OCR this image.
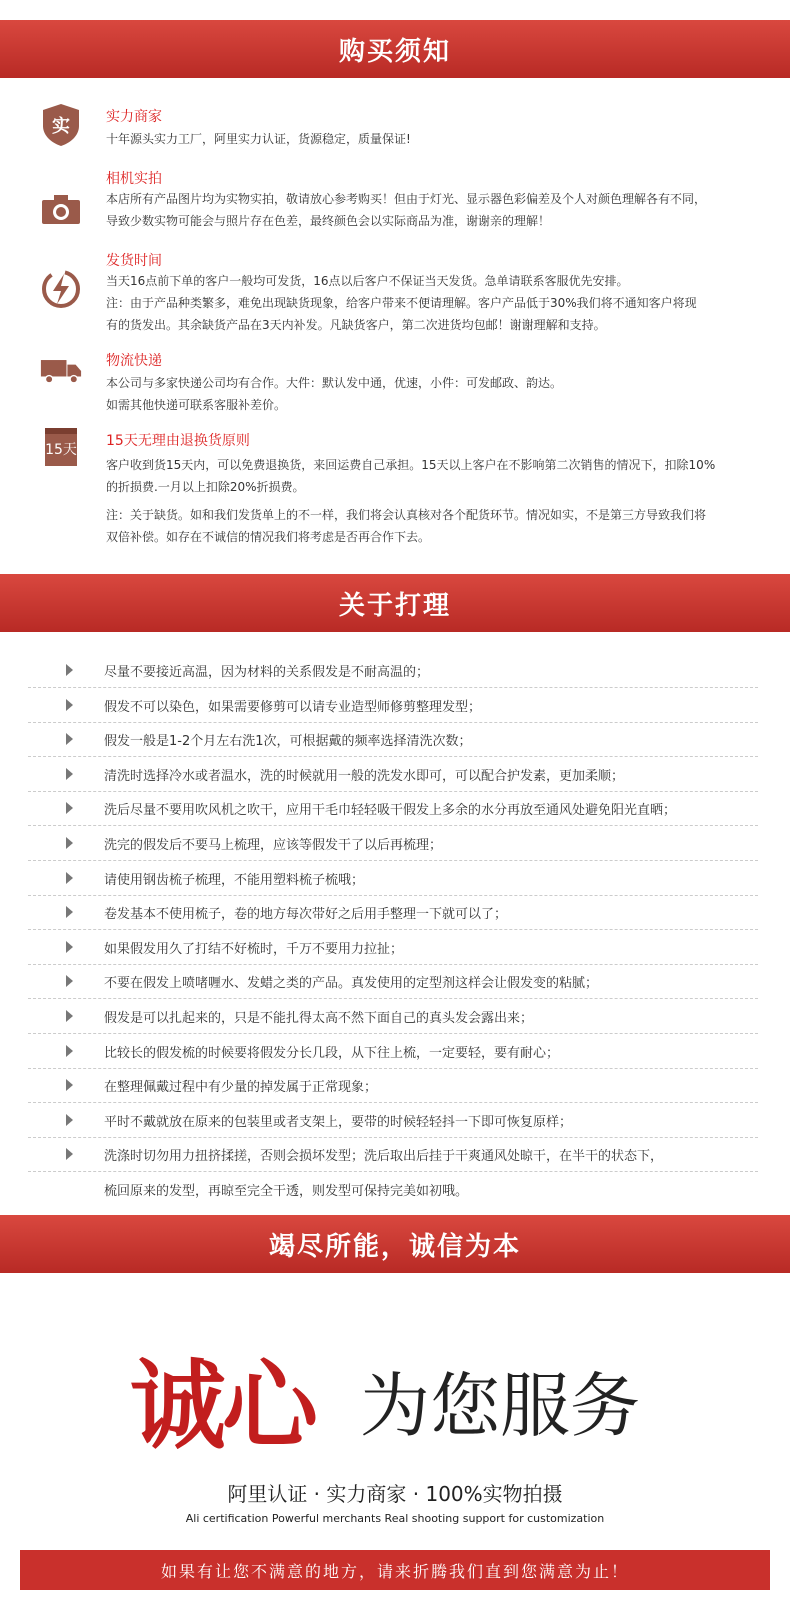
购买须知
实	实力商家
十年源头实力工厂，阿里实力认证，货源稳定，质量保证!
相机实拍
本店所有产品图片均为实物实拍，敬请放心参考购买！但由于灯光、显示器色彩偏差及个人对颜色理解各有不同，
导致少数实物可能会与照片存在色差，最终颜色会以实际商品为准，谢谢亲的理解！
发货时间
当天16点前下单的客户一般均可发货，16点以后客户不保证当天发货。急单请联系客服优先安排。
注：由于产品种类繁多，难免出现缺货现象，给客户带来不便请理解。客户产品低于30%我们将不通知客户将现
有的货发出。其余缺货产品在3天内补发。凡缺货客户，第二次进货均包邮！谢谢理解和支持。
物流快递
本公司与多家快递公司均有合作。大件：默认发中通，优速，小件：可发邮政、韵达。
如需其他快递可联系客服补差价。
15天
15天无理由退换货原则
客户收到货15天内，可以免费退换货，来回运费自己承担。15天以上客户在不影响第二次销售的情况下，扣除10%
的折损费.一月以上扣除20%折损费。
注：关于缺货。如和我们发货单上的不一样，我们将会认真核对各个配货环节。情况如实，不是第三方导致我们将
双倍补偿。如存在不诚信的情况我们将考虑是否再合作下去。
关于打理
尽量不要接近高温，因为材料的关系假发是不耐高温的；
假发不可以染色，如果需要修剪可以请专业造型师修剪整理发型；
假发一般是1-2个月左右洗1次，可根据戴的频率选择清洗次数；
清洗时选择冷水或者温水，洗的时候就用一般的洗发水即可，可以配合护发素，更加柔顺；
洗后尽量不要用吹风机之吹干，应用干毛巾轻轻吸干假发上多余的水分再放至通风处避免阳光直晒；
洗完的假发后不要马上梳理，应该等假发干了以后再梳理；
请使用钢齿梳子梳理，不能用塑料梳子梳哦；
卷发基本不使用梳子，卷的地方每次带好之后用手整理一下就可以了；
如果假发用久了打结不好梳时，千万不要用力拉扯；
不要在假发上喷啫喱水、发蜡之类的产品。真发使用的定型剂这样会让假发变的粘腻；
假发是可以扎起来的，只是不能扎得太高不然下面自己的真头发会露出来；
比较长的假发梳的时候要将假发分长几段，从下往上梳，一定要轻，要有耐心；
在整理佩戴过程中有少量的掉发属于正常现象；
平时不戴就放在原来的包装里或者支架上，要带的时候轻轻抖一下即可恢复原样；
洗涤时切勿用力扭挤揉搓，否则会损坏发型；洗后取出后挂于干爽通风处晾干，在半干的状态下，
梳回原来的发型，再晾至完全干透，则发型可保持完美如初哦。
竭尽所能，诚信为本
诚心 为您服务
阿里认证 · 实力商家 · 100%实物拍摄
Ali certification Powerful merchants Real shooting support for customization
如果有让您不满意的地方，请来折腾我们直到您满意为止！
